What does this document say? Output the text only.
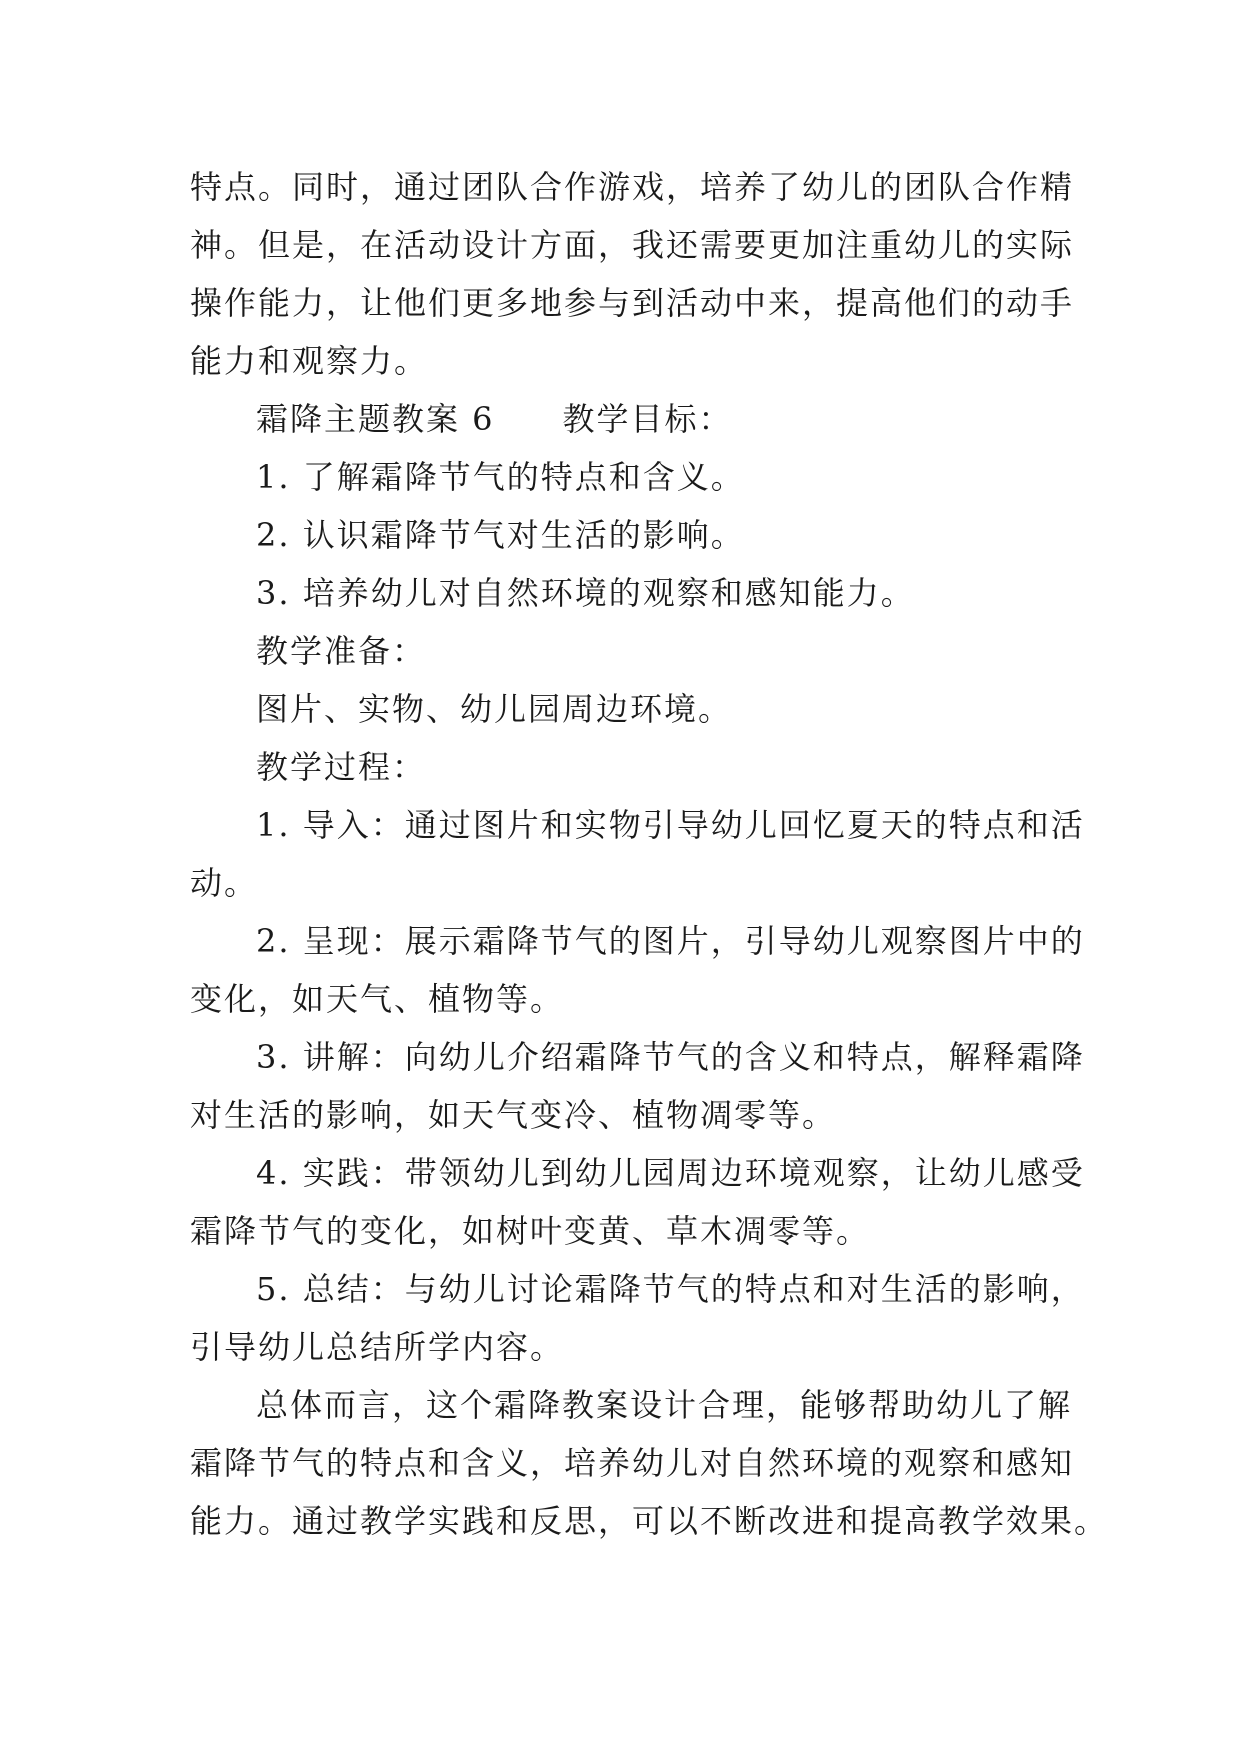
特点。同时，通过团队合作游戏，培养了幼儿的团队合作精
神。但是，在活动设计方面，我还需要更加注重幼儿的实际
操作能力，让他们更多地参与到活动中来，提高他们的动手
能力和观察力。
霜降主题教案 6　　教学目标：
1. 了解霜降节气的特点和含义。
2. 认识霜降节气对生活的影响。
3. 培养幼儿对自然环境的观察和感知能力。
教学准备：
图片、实物、幼儿园周边环境。
教学过程：
1. 导入：通过图片和实物引导幼儿回忆夏天的特点和活
动。
2. 呈现：展示霜降节气的图片，引导幼儿观察图片中的
变化，如天气、植物等。
3. 讲解：向幼儿介绍霜降节气的含义和特点，解释霜降
对生活的影响，如天气变冷、植物凋零等。
4. 实践：带领幼儿到幼儿园周边环境观察，让幼儿感受
霜降节气的变化，如树叶变黄、草木凋零等。
5. 总结：与幼儿讨论霜降节气的特点和对生活的影响，
引导幼儿总结所学内容。
总体而言，这个霜降教案设计合理，能够帮助幼儿了解
霜降节气的特点和含义，培养幼儿对自然环境的观察和感知
能力。通过教学实践和反思，可以不断改进和提高教学效果。
